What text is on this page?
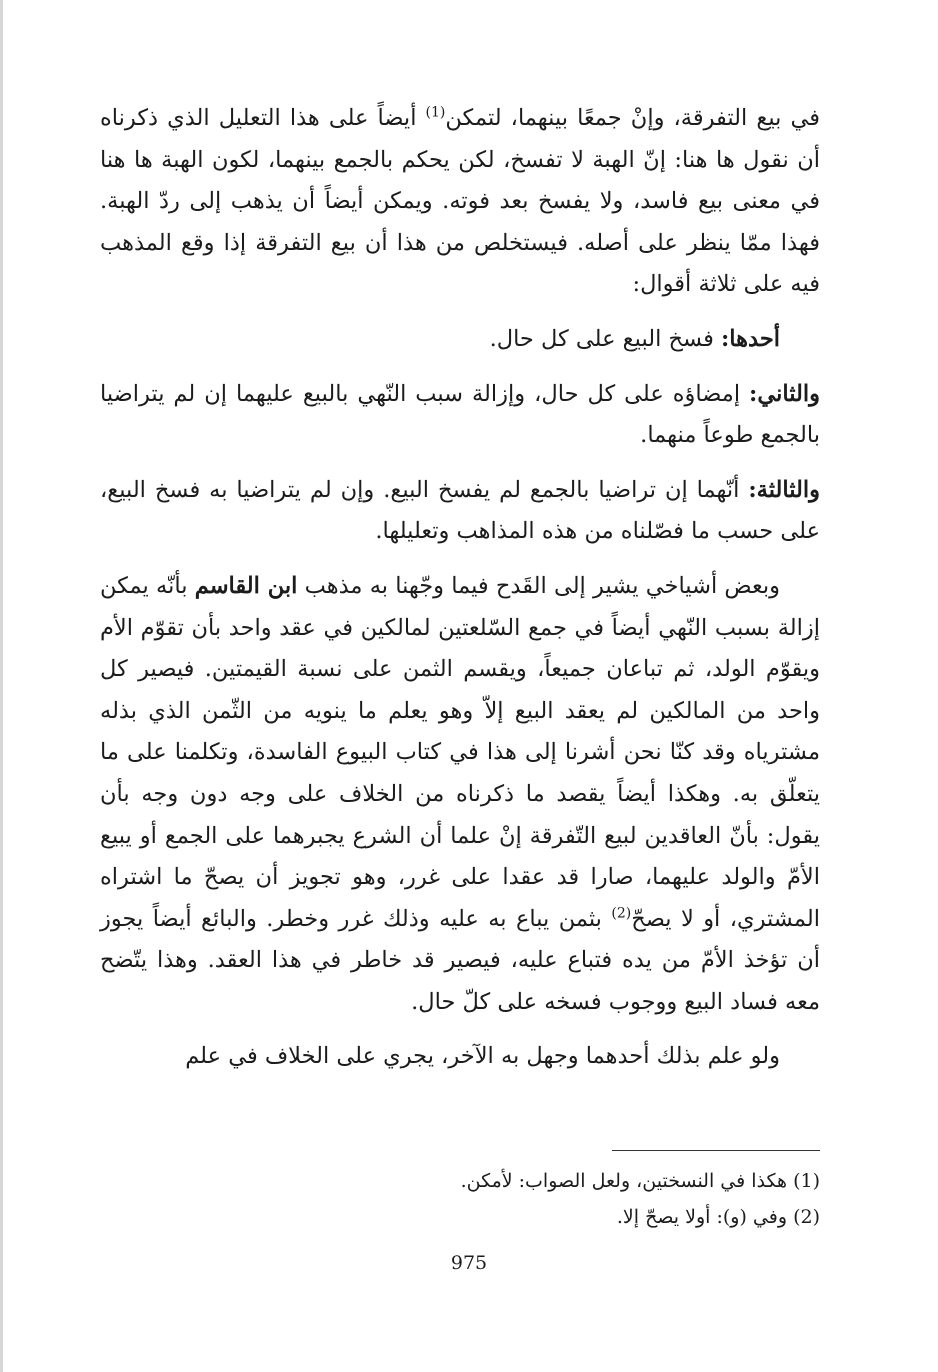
في بيع التفرقة، وإنْ جمعًا بينهما، لتمكن$^{(1)}$ أيضاً على هذا التعليل الذي ذكرناه أن نقول ها هنا: إنّ الهبة لا تفسخ، لكن يحكم بالجمع بينهما، لكون الهبة ها هنا في معنى بيع فاسد، ولا يفسخ بعد فوته. ويمكن أيضاً أن يذهب إلى ردّ الهبة. فهذا ممّا ينظر على أصله. فيستخلص من هذا أن بيع التفرقة إذا وقع المذهب فيه على ثلاثة أقوال:

أحدها: فسخ البيع على كل حال.

والثاني: إمضاؤه على كل حال، وإزالة سبب النّهي بالبيع عليهما إن لم يتراضيا بالجمع طوعاً منهما.

والثالثة: أنّهما إن تراضيا بالجمع لم يفسخ البيع. وإن لم يتراضيا به فسخ البيع، على حسب ما فصّلناه من هذه المذاهب وتعليلها.

وبعض أشياخي يشير إلى القَدح فيما وجّهنا به مذهب ابن القاسم بأنّه يمكن إزالة بسبب النّهي أيضاً في جمع السّلعتين لمالكين في عقد واحد بأن تقوّم الأم ويقوّم الولد، ثم تباعان جميعاً، ويقسم الثمن على نسبة القيمتين. فيصير كل واحد من المالكين لم يعقد البيع إلاّ وهو يعلم ما ينويه من الثّمن الذي بذله مشترياه وقد كنّا نحن أشرنا إلى هذا في كتاب البيوع الفاسدة، وتكلمنا على ما يتعلّق به. وهكذا أيضاً يقصد ما ذكرناه من الخلاف على وجه دون وجه بأن يقول: بأنّ العاقدين لبيع التّفرقة إنْ علما أن الشرع يجبرهما على الجمع أو يبيع الأمّ والولد عليهما، صارا قد عقدا على غرر، وهو تجويز أن يصحّ ما اشتراه المشتري، أو لا يصحّ$^{(2)}$ بثمن يباع به عليه وذلك غرر وخطر. والبائع أيضاً يجوز أن تؤخذ الأمّ من يده فتباع عليه، فيصير قد خاطر في هذا العقد. وهذا يتّضح معه فساد البيع ووجوب فسخه على كلّ حال.

ولو علم بذلك أحدهما وجهل به الآخر، يجري على الخلاف في علم

(1) هكذا في النسختين، ولعل الصواب: لأمكن.

(2) وفي (و): أولا يصحّ إلا.

975
